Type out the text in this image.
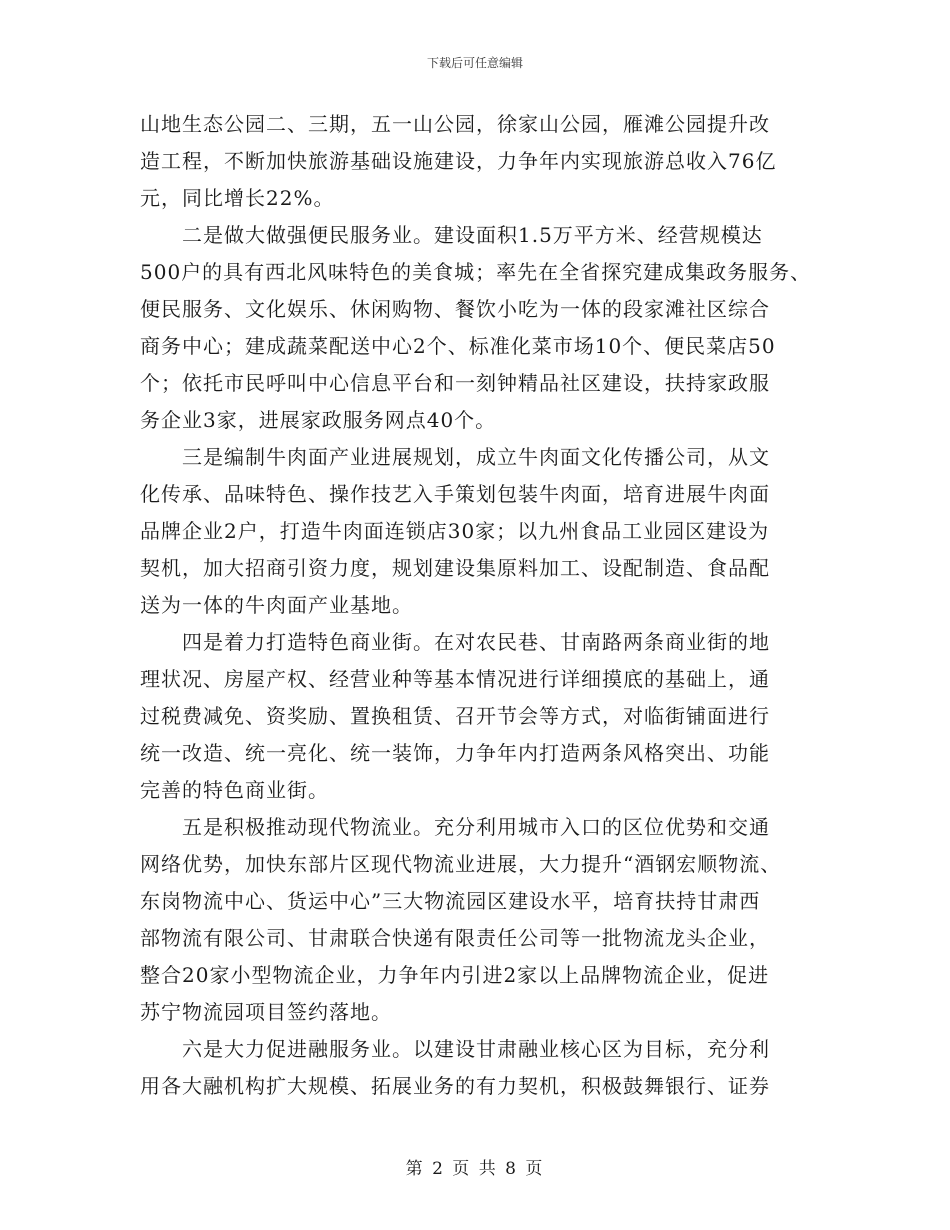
下载后可任意编辑

山地生态公园二、三期，五一山公园，徐家山公园，雁滩公园提升改
造工程，不断加快旅游基础设施建设，力争年内实现旅游总收入76亿
元，同比增长22%。

　　二是做大做强便民服务业。建设面积1.5万平方米、经营规模达
500户的具有西北风味特色的美食城；率先在全省探究建成集政务服务、
便民服务、文化娱乐、休闲购物、餐饮小吃为一体的段家滩社区综合
商务中心；建成蔬菜配送中心2个、标准化菜市场10个、便民菜店50
个；依托市民呼叫中心信息平台和一刻钟精品社区建设，扶持家政服
务企业3家，进展家政服务网点40个。

　　三是编制牛肉面产业进展规划，成立牛肉面文化传播公司，从文
化传承、品味特色、操作技艺入手策划包装牛肉面，培育进展牛肉面
品牌企业2户，打造牛肉面连锁店30家；以九州食品工业园区建设为
契机，加大招商引资力度，规划建设集原料加工、设配制造、食品配
送为一体的牛肉面产业基地。

　　四是着力打造特色商业街。在对农民巷、甘南路两条商业街的地
理状况、房屋产权、经营业种等基本情况进行详细摸底的基础上，通
过税费减免、资奖励、置换租赁、召开节会等方式，对临街铺面进行
统一改造、统一亮化、统一装饰，力争年内打造两条风格突出、功能
完善的特色商业街。

　　五是积极推动现代物流业。充分利用城市入口的区位优势和交通
网络优势，加快东部片区现代物流业进展，大力提升“酒钢宏顺物流、
东岗物流中心、货运中心”三大物流园区建设水平，培育扶持甘肃西
部物流有限公司、甘肃联合快递有限责任公司等一批物流龙头企业，
整合20家小型物流企业，力争年内引进2家以上品牌物流企业，促进
苏宁物流园项目签约落地。

　　六是大力促进融服务业。以建设甘肃融业核心区为目标，充分利
用各大融机构扩大规模、拓展业务的有力契机，积极鼓舞银行、证券

第 2 页 共 8 页
